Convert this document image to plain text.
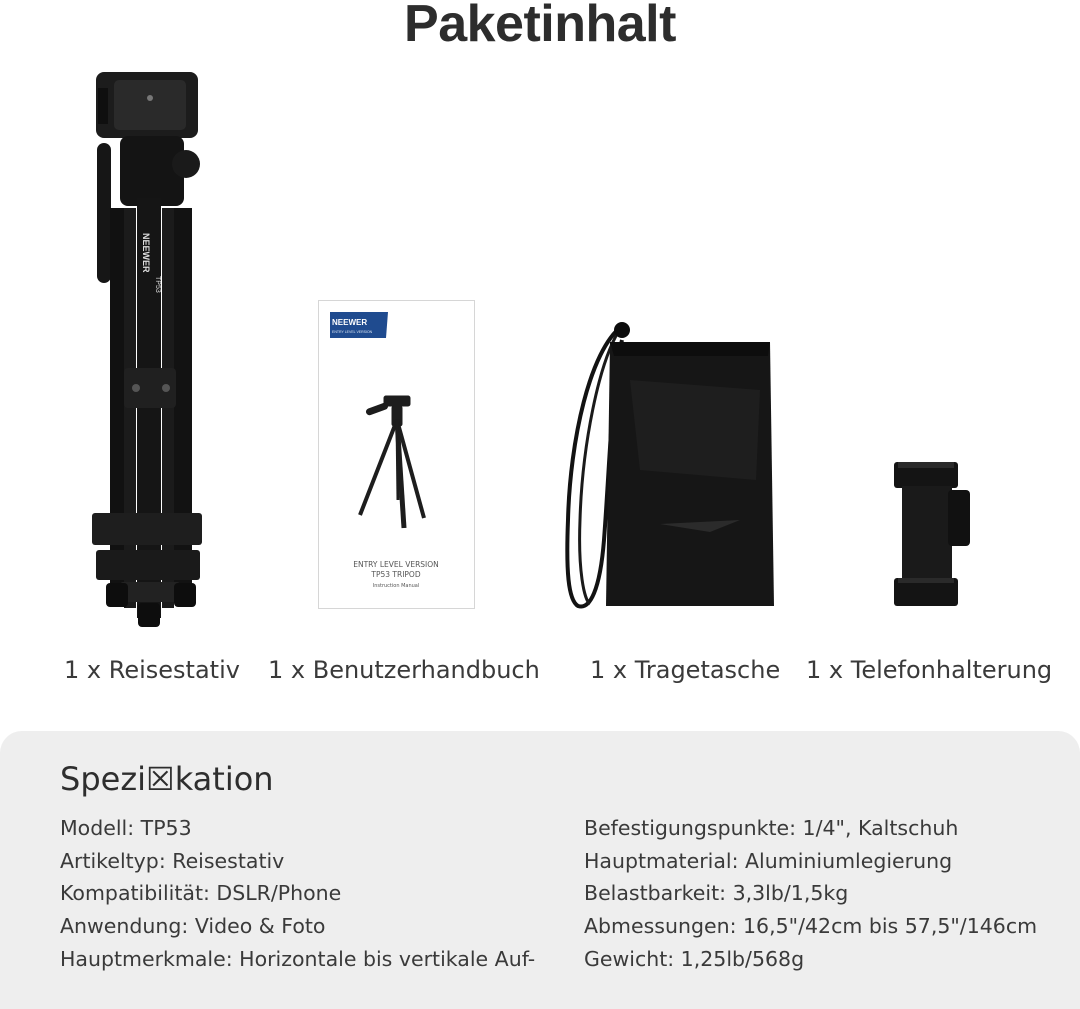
Paketinhalt
NEEWER
TP53
NEEWER
ENTRY LEVEL VERSION
ENTRY LEVEL VERSION
TP53 TRIPOD
Instruction Manual
1 x Reisestativ 1 x Benutzerhandbuch 1 x Tragetasche 1 x Telefonhalterung
Spezi☒kation
Modell: TP53
Artikeltyp: Reisestativ
Kompatibilität: DSLR/Phone
Anwendung: Video & Foto
Hauptmerkmale: Horizontale bis vertikale Auf-
Befestigungspunkte: 1/4", Kaltschuh
Hauptmaterial: Aluminiumlegierung
Belastbarkeit: 3,3lb/1,5kg
Abmessungen: 16,5"/42cm bis 57,5"/146cm
Gewicht: 1,25lb/568g
